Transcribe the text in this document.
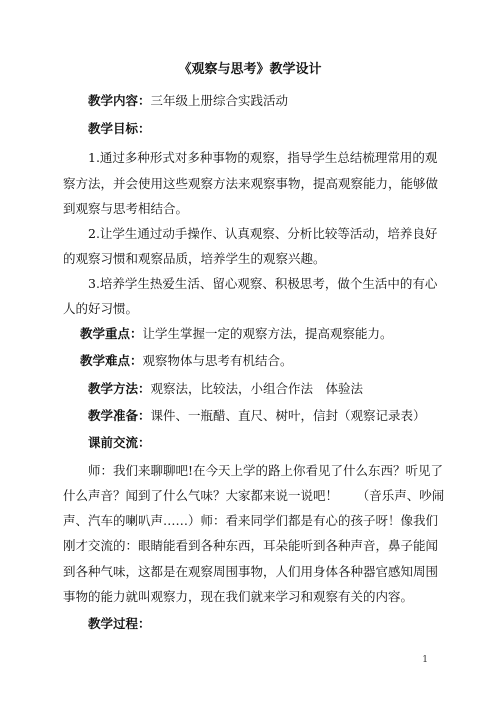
《观察与思考》教学设计
教学内容：三年级上册综合实践活动
教学目标：
1.通过多种形式对多种事物的观察，指导学生总结梳理常用的观
察方法，并会使用这些观察方法来观察事物，提高观察能力，能够做
到观察与思考相结合。
2.让学生通过动手操作、认真观察、分析比较等活动，培养良好
的观察习惯和观察品质，培养学生的观察兴趣。
3.培养学生热爱生活、留心观察、积极思考，做个生活中的有心
人的好习惯。
教学重点：让学生掌握一定的观察方法，提高观察能力。
教学难点：观察物体与思考有机结合。
教学方法：观察法，比较法，小组合作法　体验法
教学准备：课件、一瓶醋、直尺、树叶，信封（观察记录表）
课前交流：
师：我们来聊聊吧!在今天上学的路上你看见了什么东西？听见了
什么声音？闻到了什么气味？大家都来说一说吧！　　（音乐声、吵闹
声、汽车的喇叭声……）师：看来同学们都是有心的孩子呀！像我们
刚才交流的：眼睛能看到各种东西，耳朵能听到各种声音，鼻子能闻
到各种气味，这都是在观察周围事物，人们用身体各种器官感知周围
事物的能力就叫观察力，现在我们就来学习和观察有关的内容。
教学过程：
1
